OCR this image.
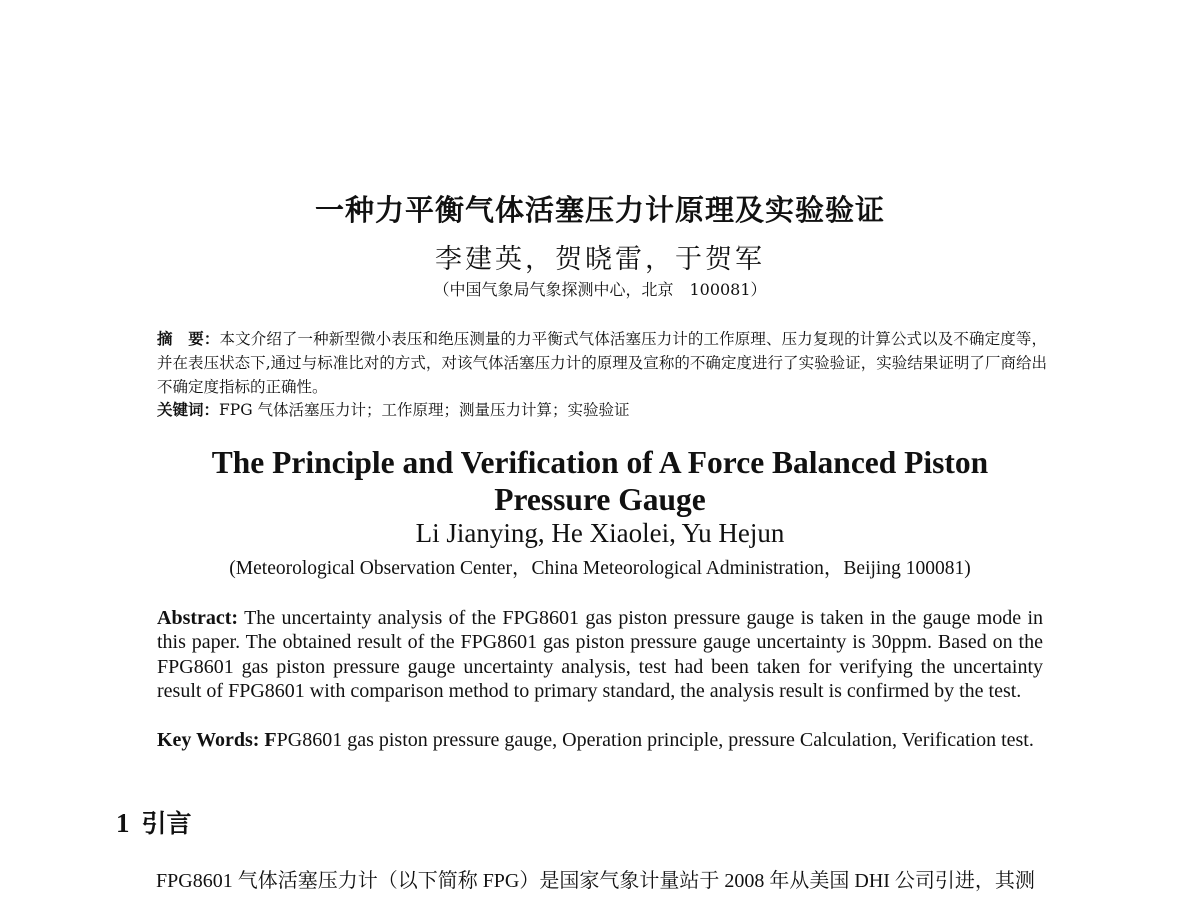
一种力平衡气体活塞压力计原理及实验验证
李建英，贺晓雷，于贺军
（中国气象局气象探测中心，北京　100081）
摘　要：本文介绍了一种新型微小表压和绝压测量的力平衡式气体活塞压力计的工作原理、压力复现的计算公式以及不确定度等，并在表压状态下,通过与标准比对的方式，对该气体活塞压力计的原理及宣称的不确定度进行了实验验证，实验结果证明了厂商给出不确定度指标的正确性。
关键词：FPG 气体活塞压力计；工作原理；测量压力计算；实验验证
The Principle and Verification of A Force Balanced Piston Pressure Gauge
Li Jianying, He Xiaolei, Yu Hejun
(Meteorological Observation Center，China Meteorological Administration，Beijing 100081)
Abstract: The uncertainty analysis of the FPG8601 gas piston pressure gauge is taken in the gauge mode in this paper. The obtained result of the FPG8601 gas piston pressure gauge uncertainty is 30ppm. Based on the FPG8601 gas piston pressure gauge uncertainty analysis, test had been taken for verifying the uncertainty result of FPG8601 with comparison method to primary standard, the analysis result is confirmed by the test.
Key Words: FPG8601 gas piston pressure gauge, Operation principle, pressure Calculation, Verification test.
1 引言
FPG8601 气体活塞压力计（以下简称 FPG）是国家气象计量站于 2008 年从美国 DHI 公司引进，其测
